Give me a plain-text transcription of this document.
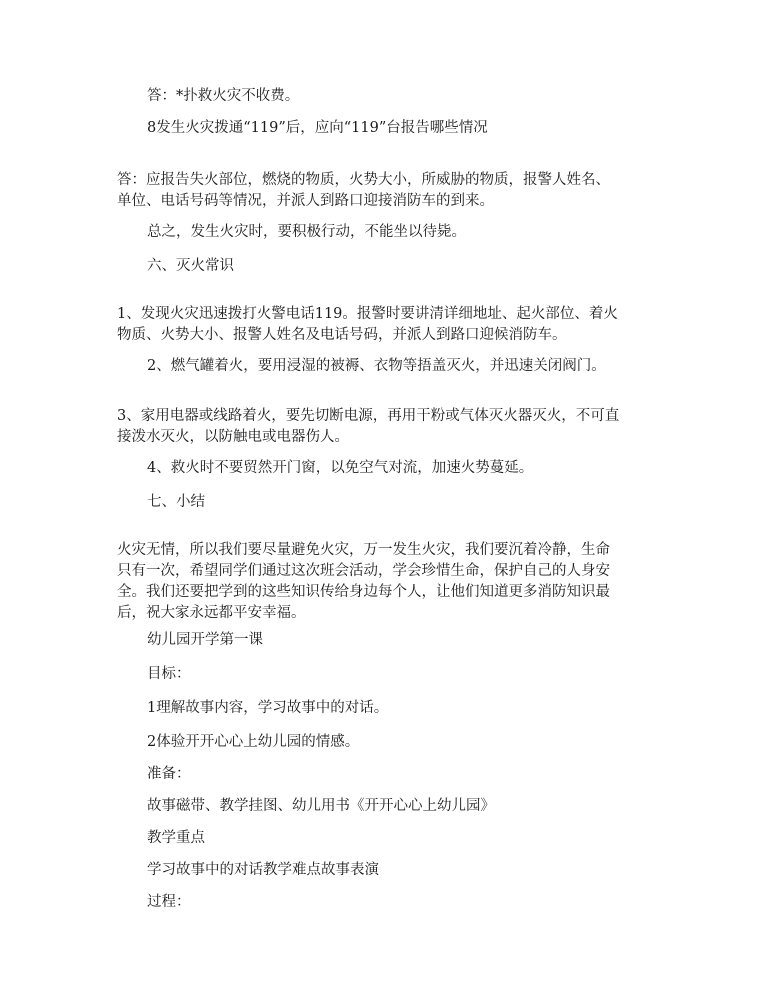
答：*扑救火灾不收费。
8发生火灾拨通“119”后，应向“119”台报告哪些情况
答：应报告失火部位，燃烧的物质，火势大小，所威胁的物质，报警人姓名、
单位、电话号码等情况，并派人到路口迎接消防车的到来。
总之，发生火灾时，要积极行动，不能坐以待毙。
六、灭火常识
1、发现火灾迅速拨打火警电话119。报警时要讲清详细地址、起火部位、着火
物质、火势大小、报警人姓名及电话号码，并派人到路口迎候消防车。
2、燃气罐着火，要用浸湿的被褥、衣物等捂盖灭火，并迅速关闭阀门。
3、家用电器或线路着火，要先切断电源，再用干粉或气体灭火器灭火，不可直
接泼水灭火，以防触电或电器伤人。
4、救火时不要贸然开门窗，以免空气对流，加速火势蔓延。
七、小结
火灾无情，所以我们要尽量避免火灾，万一发生火灾，我们要沉着冷静，生命
只有一次，希望同学们通过这次班会活动，学会珍惜生命，保护自己的人身安
全。我们还要把学到的这些知识传给身边每个人，让他们知道更多消防知识最
后，祝大家永远都平安幸福。
幼儿园开学第一课
目标：
1理解故事内容，学习故事中的对话。
2体验开开心心上幼儿园的情感。
准备：
故事磁带、教学挂图、幼儿用书《开开心心上幼儿园》
教学重点
学习故事中的对话教学难点故事表演
过程：
